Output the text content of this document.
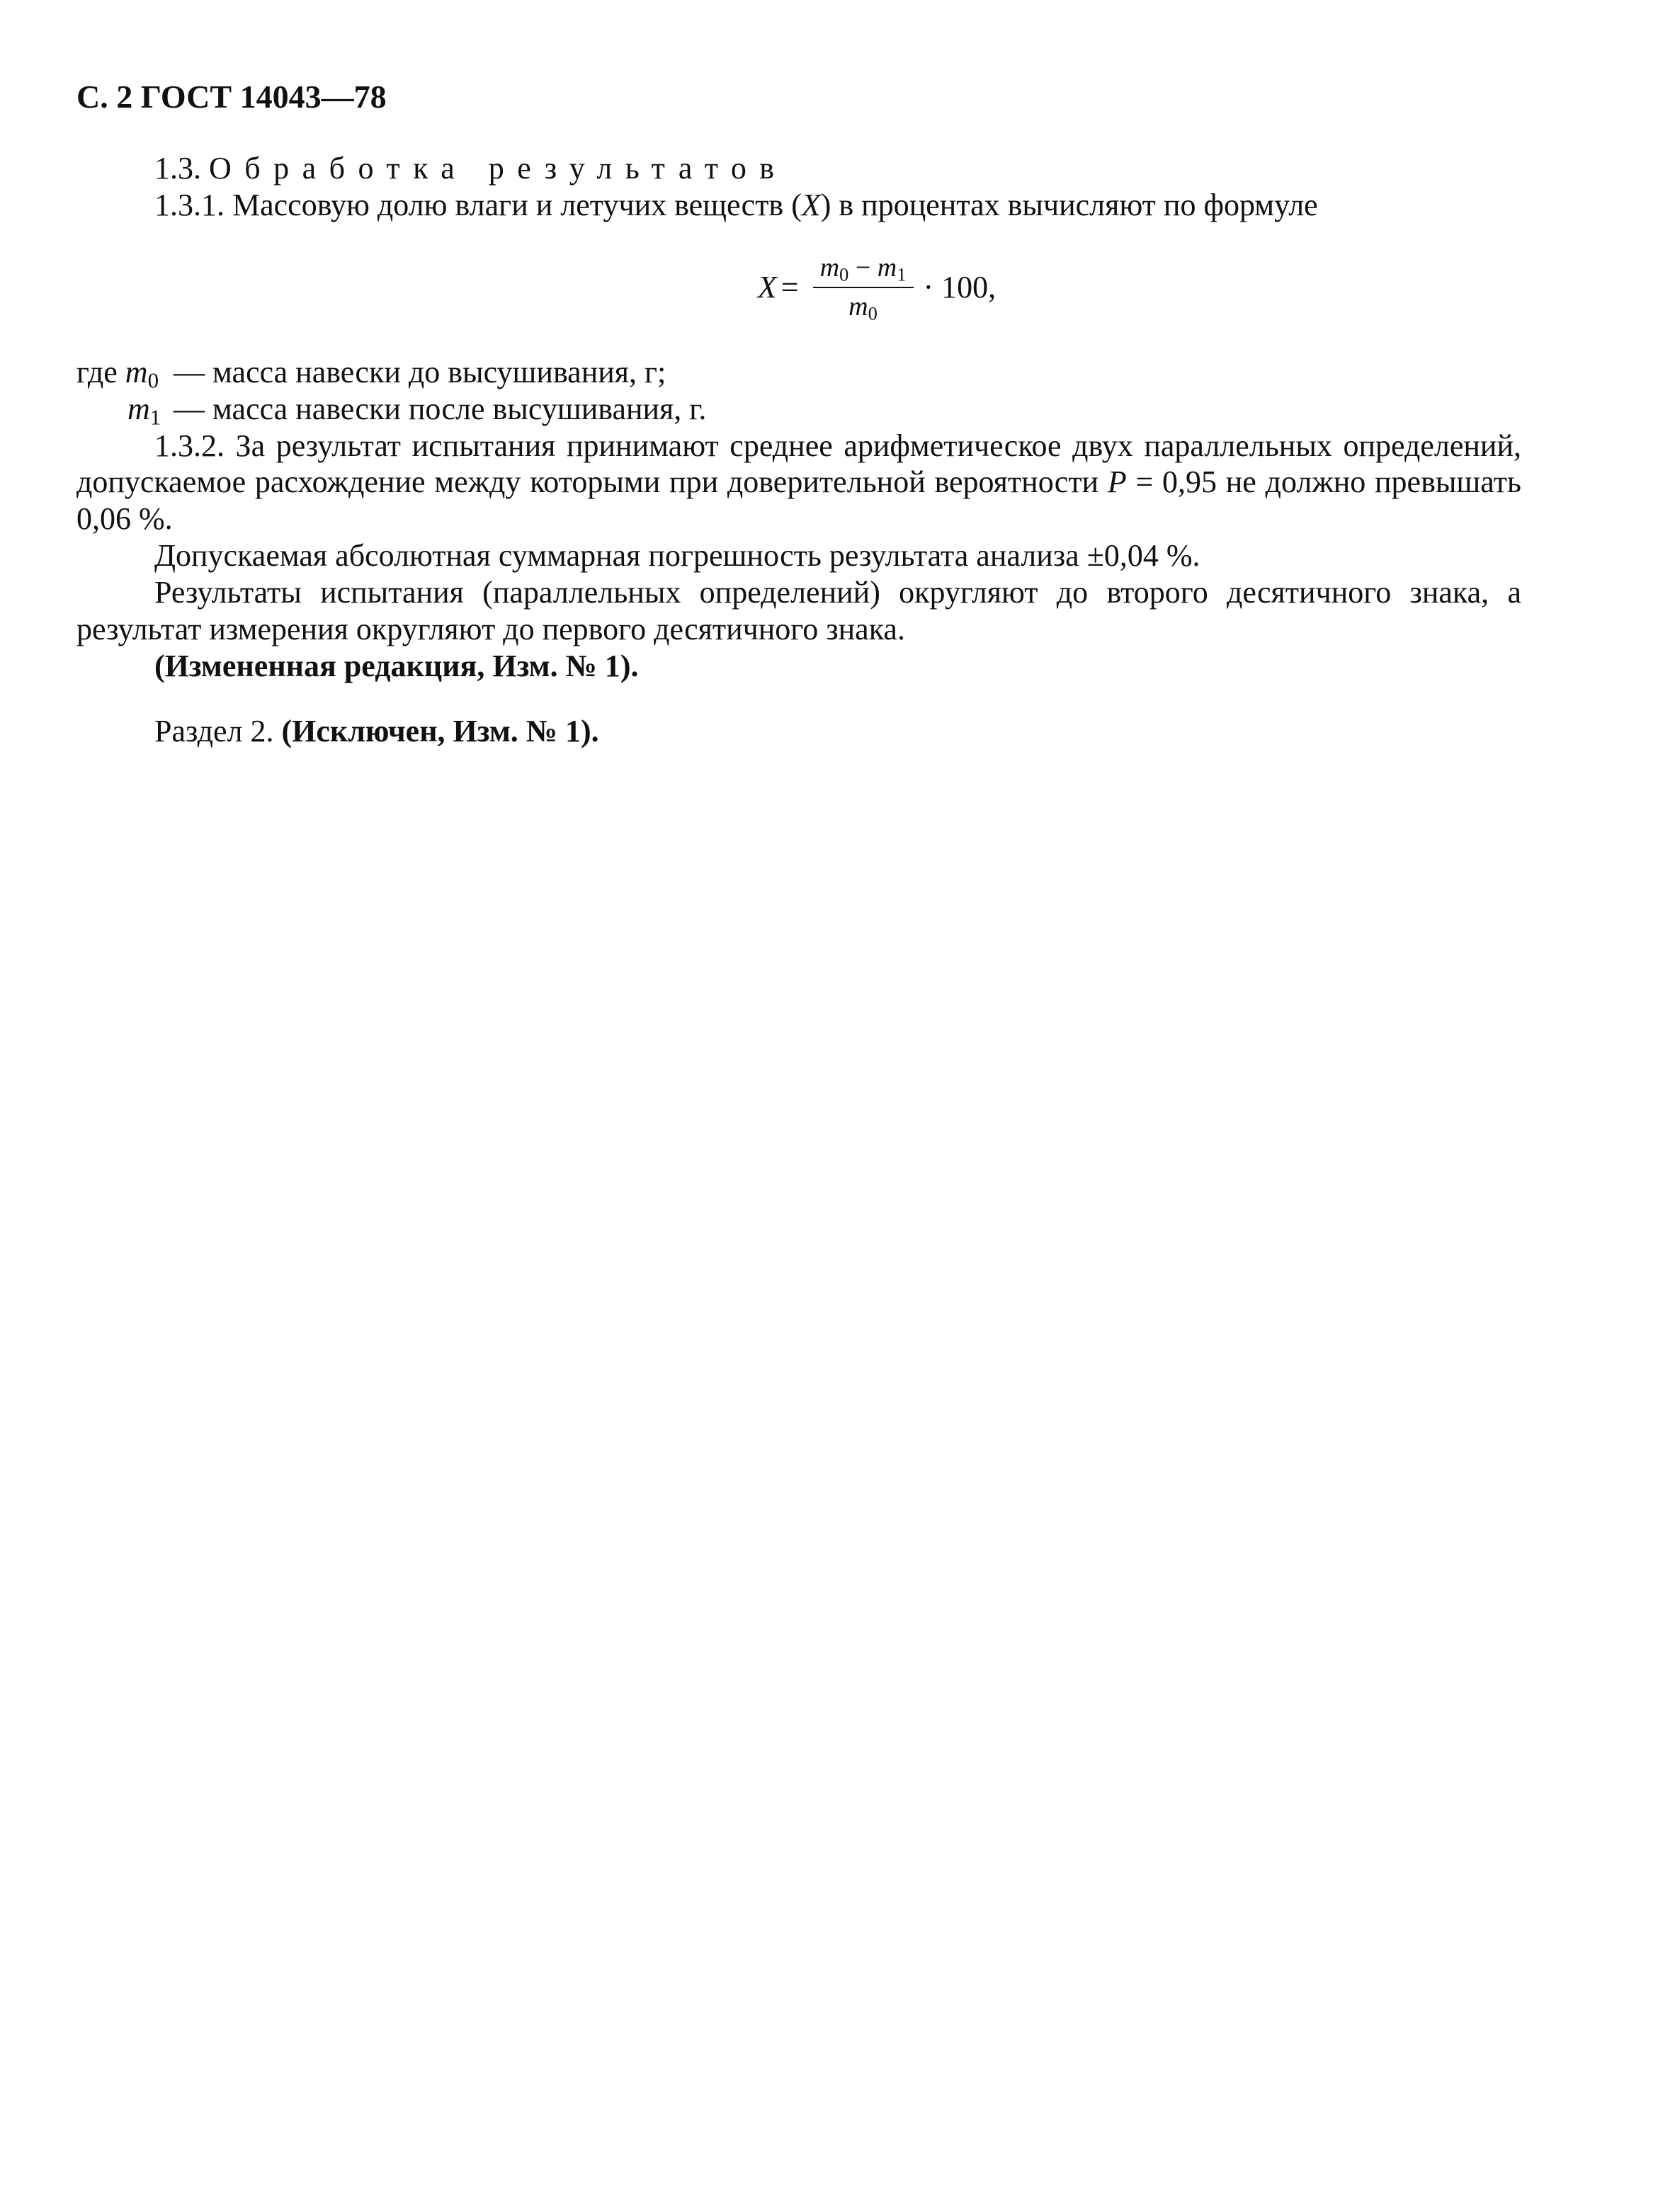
С. 2 ГОСТ 14043—78
1.3. Обработка результатов
1.3.1. Массовую долю влаги и летучих веществ (X) в процентах вычисляют по формуле
$X = \frac{m_0 - m_1}{m_0} \cdot 100$,
где $m_0$ — масса навески до высушивания, г;
$m_1$ — масса навески после высушивания, г.
1.3.2. За результат испытания принимают среднее арифметическое двух параллельных определений, допускаемое расхождение между которыми при доверительной вероятности P = 0,95 не должно превышать 0,06 %.
Допускаемая абсолютная суммарная погрешность результата анализа ±0,04 %.
Результаты испытания (параллельных определений) округляют до второго десятичного знака, а результат измерения округляют до первого десятичного знака.
(Измененная редакция, Изм. № 1).
Раздел 2. (Исключен, Изм. № 1).
